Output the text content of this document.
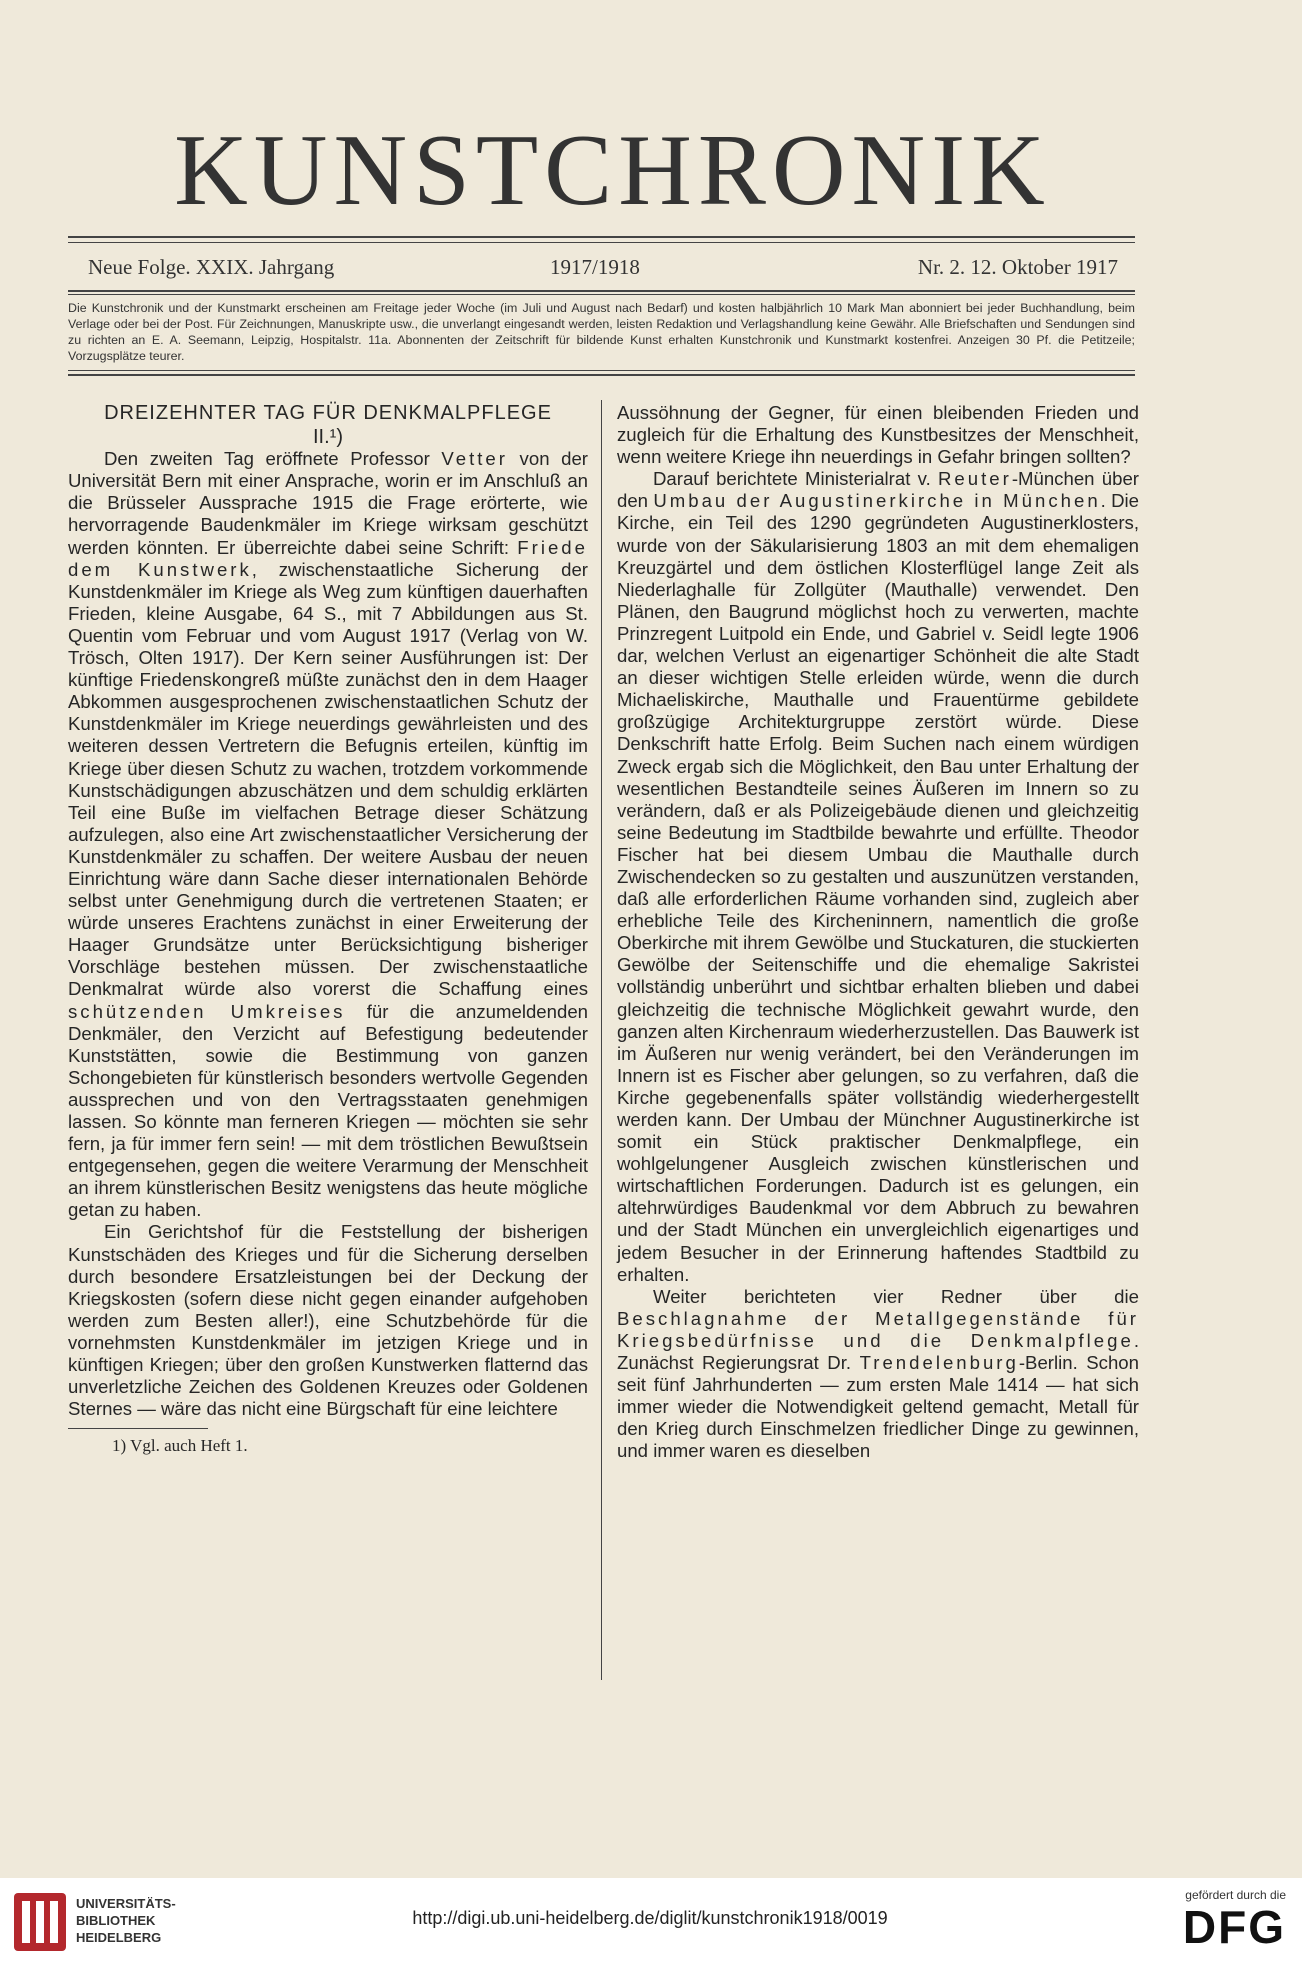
KUNSTCHRONIK
Neue Folge. XXIX. Jahrgang	1917/1918	Nr. 2. 12. Oktober 1917
Die Kunstchronik und der Kunstmarkt erscheinen am Freitage jeder Woche (im Juli und August nach Bedarf) und kosten halbjährlich 10 Mark Man abonniert bei jeder Buchhandlung, beim Verlage oder bei der Post. Für Zeichnungen, Manuskripte usw., die unverlangt eingesandt werden, leisten Redaktion und Verlagshandlung keine Gewähr. Alle Briefschaften und Sendungen sind zu richten an E. A. Seemann, Leipzig, Hospitalstr. 11a. Abonnenten der Zeitschrift für bildende Kunst erhalten Kunstchronik und Kunstmarkt kostenfrei. Anzeigen 30 Pf. die Petitzeile; Vorzugsplätze teurer.

DREIZEHNTER TAG FÜR DENKMALPFLEGE

II.¹)

Den zweiten Tag eröffnete Professor Vetter von der Universität Bern mit einer Ansprache, worin er im Anschluß an die Brüsseler Aussprache 1915 die Frage erörterte, wie hervorragende Baudenkmäler im Kriege wirksam geschützt werden könnten. Er überreichte dabei seine Schrift: Friede dem Kunstwerk, zwischenstaatliche Sicherung der Kunstdenkmäler im Kriege als Weg zum künftigen dauerhaften Frieden, kleine Ausgabe, 64 S., mit 7 Abbildungen aus St. Quentin vom Februar und vom August 1917 (Verlag von W. Trösch, Olten 1917). Der Kern seiner Ausführungen ist: Der künftige Friedenskongreß müßte zunächst den in dem Haager Abkommen ausgesprochenen zwischenstaatlichen Schutz der Kunstdenkmäler im Kriege neuerdings gewährleisten und des weiteren dessen Vertretern die Befugnis erteilen, künftig im Kriege über diesen Schutz zu wachen, trotzdem vorkommende Kunstschädigungen abzuschätzen und dem schuldig erklärten Teil eine Buße im vielfachen Betrage dieser Schätzung aufzulegen, also eine Art zwischenstaatlicher Versicherung der Kunstdenkmäler zu schaffen. Der weitere Ausbau der neuen Einrichtung wäre dann Sache dieser internationalen Behörde selbst unter Genehmigung durch die vertretenen Staaten; er würde unseres Erachtens zunächst in einer Erweiterung der Haager Grundsätze unter Berücksichtigung bisheriger Vorschläge bestehen müssen. Der zwischenstaatliche Denkmalrat würde also vorerst die Schaffung eines schützenden Umkreises für die anzumeldenden Denkmäler, den Verzicht auf Befestigung bedeutender Kunststätten, sowie die Bestimmung von ganzen Schongebieten für künstlerisch besonders wertvolle Gegenden aussprechen und von den Vertragsstaaten genehmigen lassen. So könnte man ferneren Kriegen — möchten sie sehr fern, ja für immer fern sein! — mit dem tröstlichen Bewußtsein entgegensehen, gegen die weitere Verarmung der Menschheit an ihrem künstlerischen Besitz wenigstens das heute mögliche getan zu haben.

Ein Gerichtshof für die Feststellung der bisherigen Kunstschäden des Krieges und für die Sicherung derselben durch besondere Ersatzleistungen bei der Deckung der Kriegskosten (sofern diese nicht gegen einander aufgehoben werden zum Besten aller!), eine Schutzbehörde für die vornehmsten Kunstdenkmäler im jetzigen Kriege und in künftigen Kriegen; über den großen Kunstwerken flatternd das unverletzliche Zeichen des Goldenen Kreuzes oder Goldenen Sternes — wäre das nicht eine Bürgschaft für eine leichtere

1) Vgl. auch Heft 1.

Aussöhnung der Gegner, für einen bleibenden Frieden und zugleich für die Erhaltung des Kunstbesitzes der Menschheit, wenn weitere Kriege ihn neuerdings in Gefahr bringen sollten?

Darauf berichtete Ministerialrat v. Reuter-München über den Umbau der Augustinerkirche in München. Die Kirche, ein Teil des 1290 gegründeten Augustinerklosters, wurde von der Säkularisierung 1803 an mit dem ehemaligen Kreuzgärtel und dem östlichen Klosterflügel lange Zeit als Niederlaghalle für Zollgüter (Mauthalle) verwendet. Den Plänen, den Baugrund möglichst hoch zu verwerten, machte Prinzregent Luitpold ein Ende, und Gabriel v. Seidl legte 1906 dar, welchen Verlust an eigenartiger Schönheit die alte Stadt an dieser wichtigen Stelle erleiden würde, wenn die durch Michaeliskirche, Mauthalle und Frauentürme gebildete großzügige Architekturgruppe zerstört würde. Diese Denkschrift hatte Erfolg. Beim Suchen nach einem würdigen Zweck ergab sich die Möglichkeit, den Bau unter Erhaltung der wesentlichen Bestandteile seines Äußeren im Innern so zu verändern, daß er als Polizeigebäude dienen und gleichzeitig seine Bedeutung im Stadtbilde bewahrte und erfüllte. Theodor Fischer hat bei diesem Umbau die Mauthalle durch Zwischendecken so zu gestalten und auszunützen verstanden, daß alle erforderlichen Räume vorhanden sind, zugleich aber erhebliche Teile des Kircheninnern, namentlich die große Oberkirche mit ihrem Gewölbe und Stuckaturen, die stuckierten Gewölbe der Seitenschiffe und die ehemalige Sakristei vollständig unberührt und sichtbar erhalten blieben und dabei gleichzeitig die technische Möglichkeit gewahrt wurde, den ganzen alten Kirchenraum wiederherzustellen. Das Bauwerk ist im Äußeren nur wenig verändert, bei den Veränderungen im Innern ist es Fischer aber gelungen, so zu verfahren, daß die Kirche gegebenenfalls später vollständig wiederhergestellt werden kann. Der Umbau der Münchner Augustinerkirche ist somit ein Stück praktischer Denkmalpflege, ein wohlgelungener Ausgleich zwischen künstlerischen und wirtschaftlichen Forderungen. Dadurch ist es gelungen, ein altehrwürdiges Baudenkmal vor dem Abbruch zu bewahren und der Stadt München ein unvergleichlich eigenartiges und jedem Besucher in der Erinnerung haftendes Stadtbild zu erhalten.

Weiter berichteten vier Redner über die Beschlagnahme der Metallgegenstände für Kriegsbedürfnisse und die Denkmalpflege. Zunächst Regierungsrat Dr. Trendelenburg-Berlin. Schon seit fünf Jahrhunderten — zum ersten Male 1414 — hat sich immer wieder die Notwendigkeit geltend gemacht, Metall für den Krieg durch Einschmelzen friedlicher Dinge zu gewinnen, und immer waren es dieselben

UNIVERSITÄTS-
BIBLIOTHEK
HEIDELBERG
http://digi.ub.uni-heidelberg.de/diglit/kunstchronik1918/0019
gefördert durch die
DFG
